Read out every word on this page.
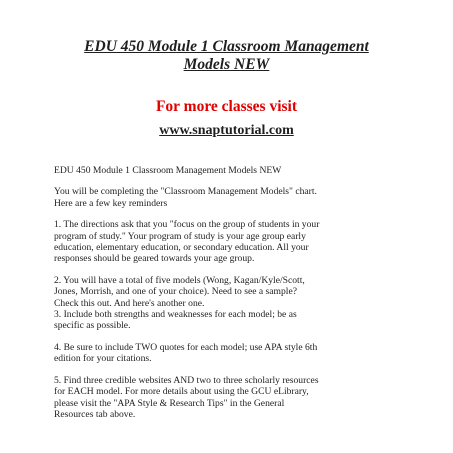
EDU 450 Module 1 Classroom Management
Models NEW
For more classes visit
www.snaptutorial.com

EDU 450 Module 1 Classroom Management Models NEW

You will be completing the "Classroom Management Models" chart.
Here are a few key reminders

1. The directions ask that you "focus on the group of students in your
program of study." Your program of study is your age group early
education, elementary education, or secondary education. All your
responses should be geared towards your age group.

2. You will have a total of five models (Wong, Kagan/Kyle/Scott,
Jones, Morrish, and one of your choice). Need to see a sample?
Check this out. And here's another one.

3. Include both strengths and weaknesses for each model; be as
specific as possible.

4. Be sure to include TWO quotes for each model; use APA style 6th
edition for your citations.

5. Find three credible websites AND two to three scholarly resources
for EACH model. For more details about using the GCU eLibrary,
please visit the "APA Style & Research Tips" in the General
Resources tab above.
